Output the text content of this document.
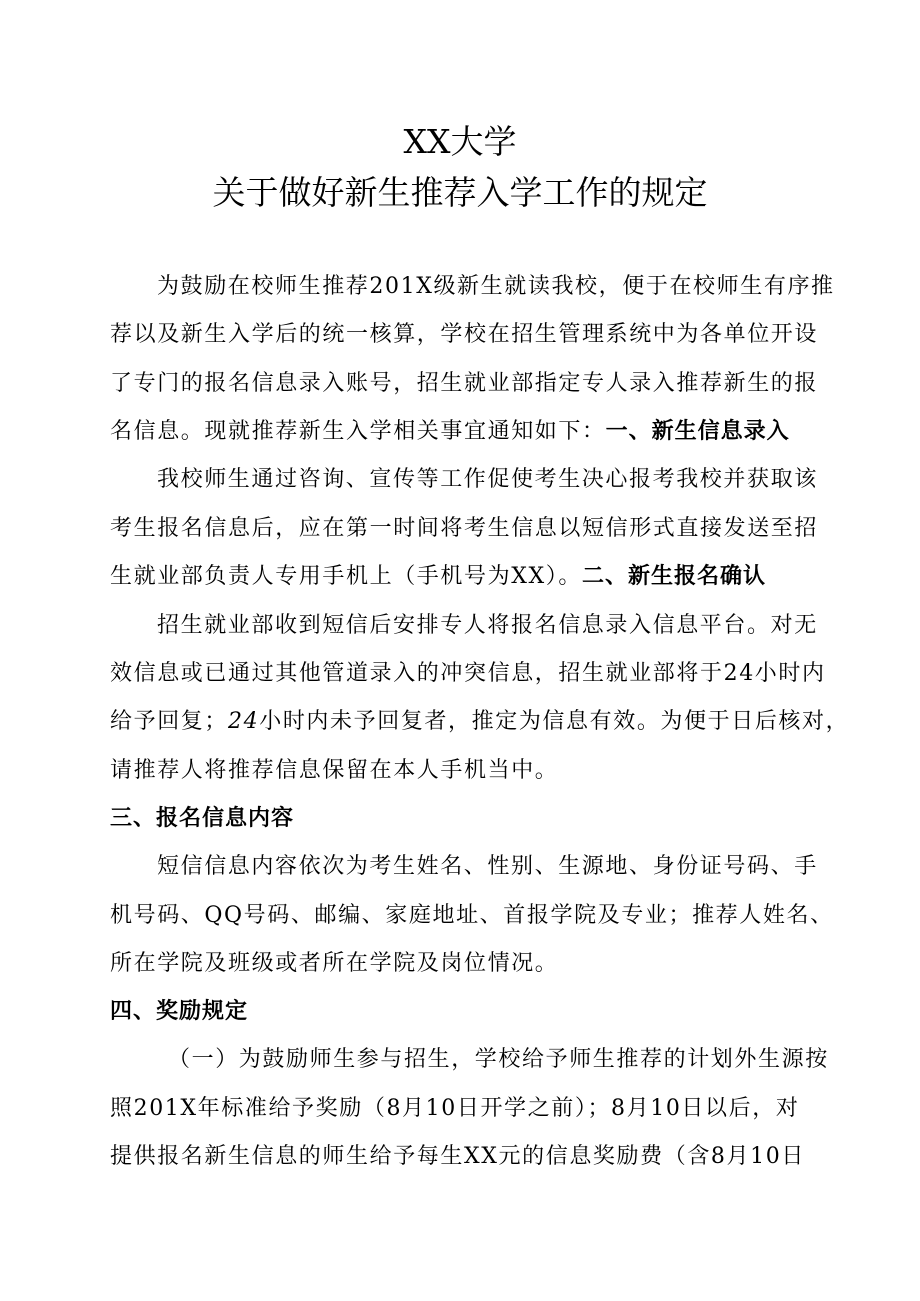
XX大学
关于做好新生推荐入学工作的规定
为鼓励在校师生推荐201X级新生就读我校，便于在校师生有序推
荐以及新生入学后的统一核算，学校在招生管理系统中为各单位开设
了专门的报名信息录入账号，招生就业部指定专人录入推荐新生的报
名信息。现就推荐新生入学相关事宜通知如下：一、新生信息录入
我校师生通过咨询、宣传等工作促使考生决心报考我校并获取该
考生报名信息后，应在第一时间将考生信息以短信形式直接发送至招
生就业部负责人专用手机上（手机号为XX）。二、新生报名确认
招生就业部收到短信后安排专人将报名信息录入信息平台。对无
效信息或已通过其他管道录入的冲突信息，招生就业部将于24小时内
给予回复；24小时内未予回复者，推定为信息有效。为便于日后核对，
请推荐人将推荐信息保留在本人手机当中。
三、报名信息内容
短信信息内容依次为考生姓名、性别、生源地、身份证号码、手
机号码、QQ号码、邮编、家庭地址、首报学院及专业；推荐人姓名、
所在学院及班级或者所在学院及岗位情况。
四、奖励规定
（一）为鼓励师生参与招生，学校给予师生推荐的计划外生源按
照201X年标准给予奖励（8月10日开学之前）；8月10日以后，对
提供报名新生信息的师生给予每生XX元的信息奖励费（含8月10日
